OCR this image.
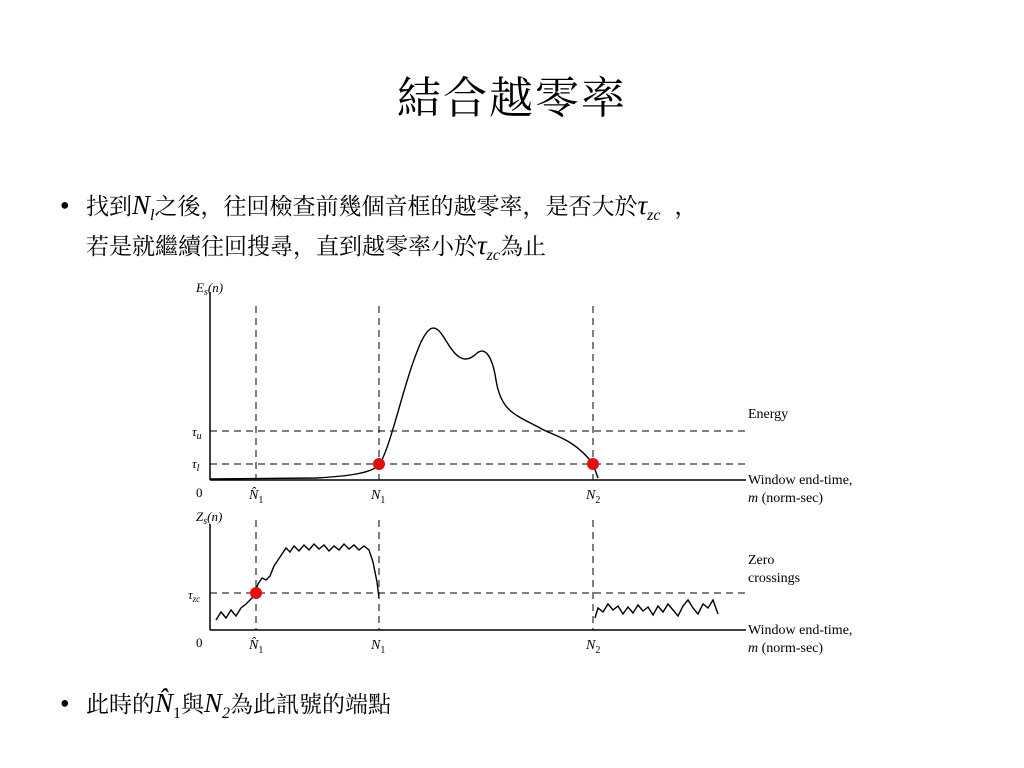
結合越零率
• 找到$N_l$之後，往回檢查前幾個音框的越零率，是否大於$\tau_{zc}$ ，
若是就繼續往回搜尋，直到越零率小於$\tau_{zc}$為止
$E_s(n)$
$\tau_u$
$\tau_l$
0	$N̂_1$	$N_1$	$N_2$
Energy
Window end-time,
m (norm-sec)
$Z_s(n)$
$\tau_{zc}$
0	$N̂_1$	$N_1$	$N_2$
Zero
crossings
Window end-time,
m (norm-sec)
• 此時的$N̂_1$與$N_2$為此訊號的端點
